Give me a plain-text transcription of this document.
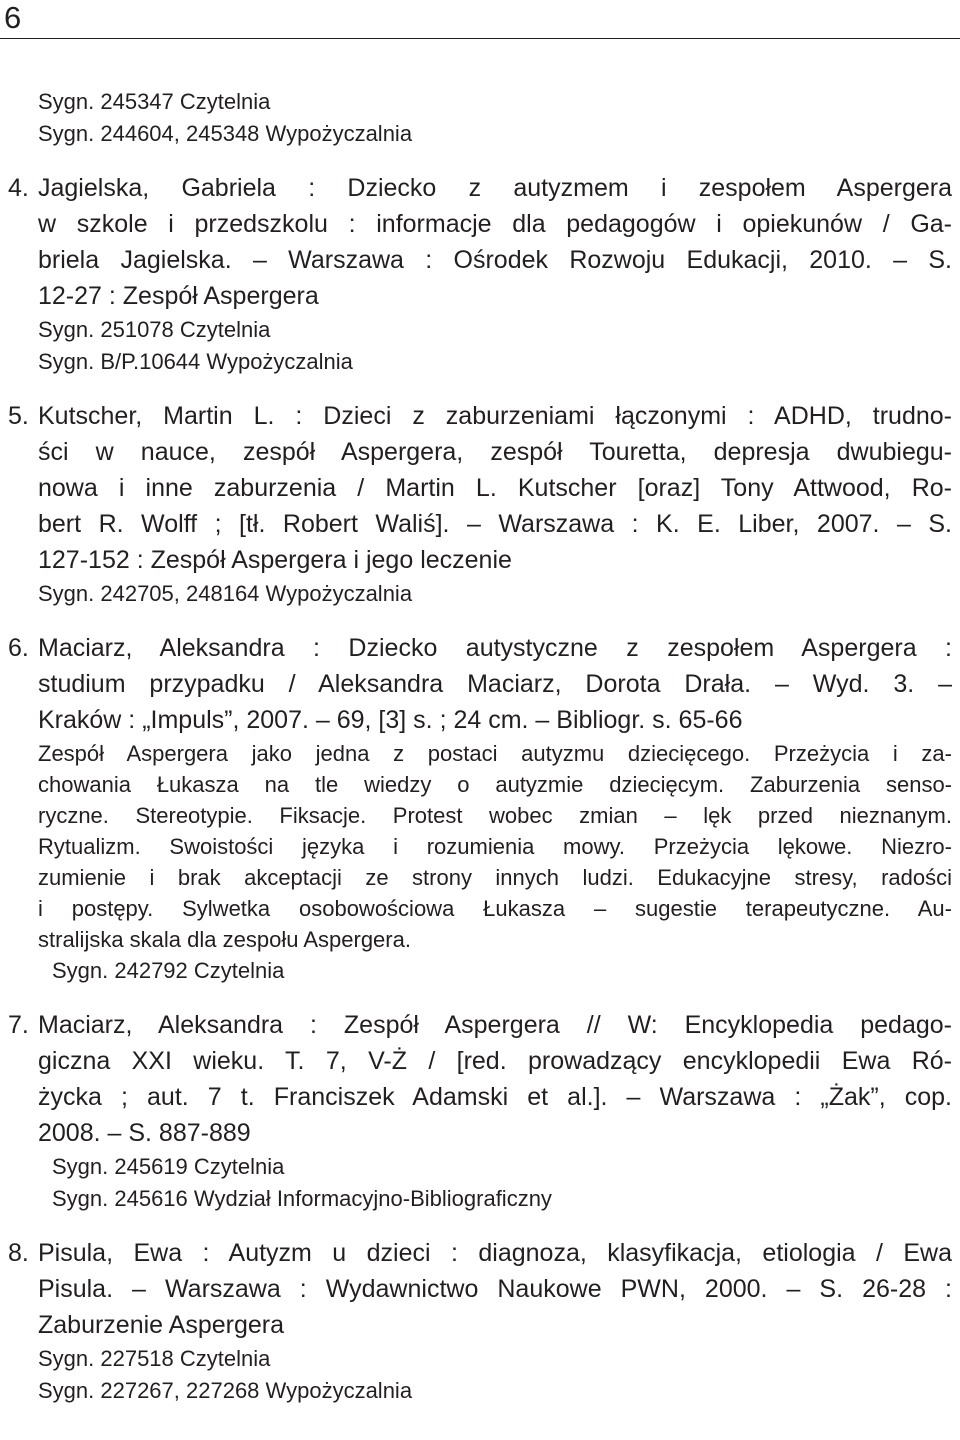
6
Sygn. 245347 Czytelnia
Sygn. 244604, 245348 Wypożyczalnia
4. Jagielska, Gabriela : Dziecko z autyzmem i zespołem Aspergera
w szkole i przedszkolu : informacje dla pedagogów i opiekunów / Ga-
briela Jagielska. – Warszawa : Ośrodek Rozwoju Edukacji, 2010. – S.
12-27 : Zespół Aspergera
Sygn. 251078 Czytelnia
Sygn. B/P.10644 Wypożyczalnia
5. Kutscher, Martin L. : Dzieci z zaburzeniami łączonymi : ADHD, trudno-
ści w nauce, zespół Aspergera, zespół Touretta, depresja dwubiegu-
nowa i inne zaburzenia / Martin L. Kutscher [oraz] Tony Attwood, Ro-
bert R. Wolff ; [tł. Robert Waliś]. – Warszawa : K. E. Liber, 2007. – S.
127-152 : Zespół Aspergera i jego leczenie
Sygn. 242705, 248164 Wypożyczalnia
6. Maciarz, Aleksandra : Dziecko autystyczne z zespołem Aspergera :
studium przypadku / Aleksandra Maciarz, Dorota Drała. – Wyd. 3. –
Kraków : „Impuls”, 2007. – 69, [3] s. ; 24 cm. – Bibliogr. s. 65-66
Zespół Aspergera jako jedna z postaci autyzmu dziecięcego. Przeżycia i za-
chowania Łukasza na tle wiedzy o autyzmie dziecięcym. Zaburzenia senso-
ryczne. Stereotypie. Fiksacje. Protest wobec zmian – lęk przed nieznanym.
Rytualizm. Swoistości języka i rozumienia mowy. Przeżycia lękowe. Niezro-
zumienie i brak akceptacji ze strony innych ludzi. Edukacyjne stresy, radości
i postępy. Sylwetka osobowościowa Łukasza – sugestie terapeutyczne. Au-
stralijska skala dla zespołu Aspergera.
Sygn. 242792 Czytelnia
7. Maciarz, Aleksandra : Zespół Aspergera // W: Encyklopedia pedago-
giczna XXI wieku. T. 7, V-Ż / [red. prowadzący encyklopedii Ewa Ró-
życka ; aut. 7 t. Franciszek Adamski et al.]. – Warszawa : „Żak”, cop.
2008. – S. 887-889
Sygn. 245619 Czytelnia
Sygn. 245616 Wydział Informacyjno-Bibliograficzny
8. Pisula, Ewa : Autyzm u dzieci : diagnoza, klasyfikacja, etiologia / Ewa
Pisula. – Warszawa : Wydawnictwo Naukowe PWN, 2000. – S. 26-28 :
Zaburzenie Aspergera
Sygn. 227518 Czytelnia
Sygn. 227267, 227268 Wypożyczalnia
